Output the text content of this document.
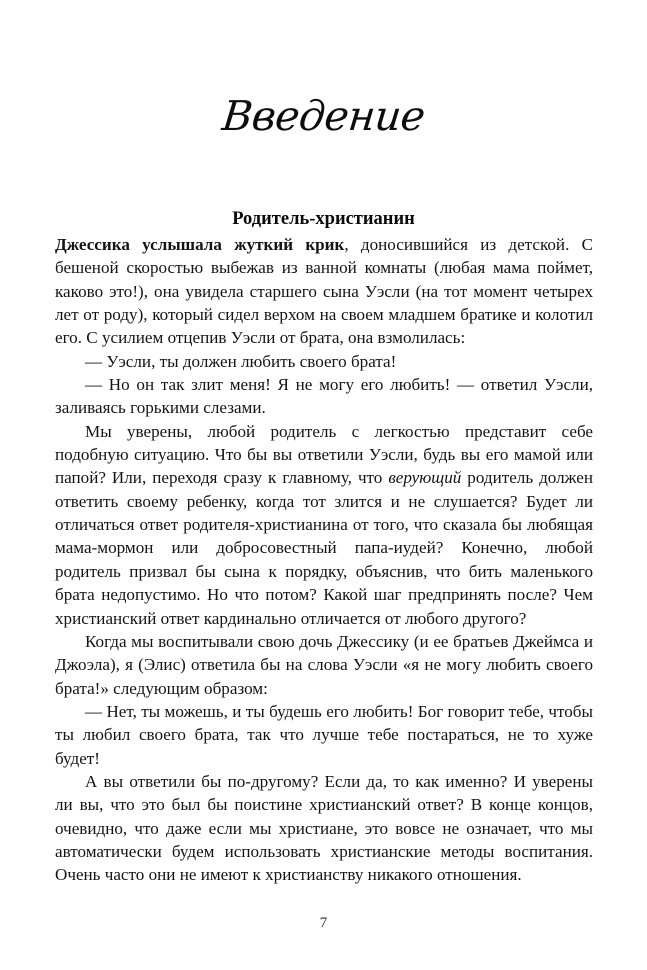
Введение
Родитель-христианин

Джессика услышала жуткий крик, доносившийся из детской. С бешеной скоростью выбежав из ванной комнаты (любая мама поймет, каково это!), она увидела старшего сына Уэсли (на тот момент четырех лет от роду), который сидел верхом на своем младшем братике и колотил его. С усилием отцепив Уэсли от брата, она взмолилась:

— Уэсли, ты должен любить своего брата!

— Но он так злит меня! Я не могу его любить! — ответил Уэсли, заливаясь горькими слезами.

Мы уверены, любой родитель с легкостью представит себе подобную ситуацию. Что бы вы ответили Уэсли, будь вы его мамой или папой? Или, переходя сразу к главному, что верующий родитель должен ответить своему ребенку, когда тот злится и не слушается? Будет ли отличаться ответ родителя-христианина от того, что сказала бы любящая мама-мормон или добросовестный папа-иудей? Конечно, любой родитель призвал бы сына к порядку, объяснив, что бить маленького брата недопустимо. Но что потом? Какой шаг предпринять после? Чем христианский ответ кардинально отличается от любого другого?

Когда мы воспитывали свою дочь Джессику (и ее братьев Джеймса и Джоэла), я (Элис) ответила бы на слова Уэсли «я не могу любить своего брата!» следующим образом:

— Нет, ты можешь, и ты будешь его любить! Бог говорит тебе, чтобы ты любил своего брата, так что лучше тебе постараться, не то хуже будет!

А вы ответили бы по-другому? Если да, то как именно? И уверены ли вы, что это был бы поистине христианский ответ? В конце концов, очевидно, что даже если мы христиане, это вовсе не означает, что мы автоматически будем использовать христианские методы воспитания. Очень часто они не имеют к христианству никакого отношения.

7
